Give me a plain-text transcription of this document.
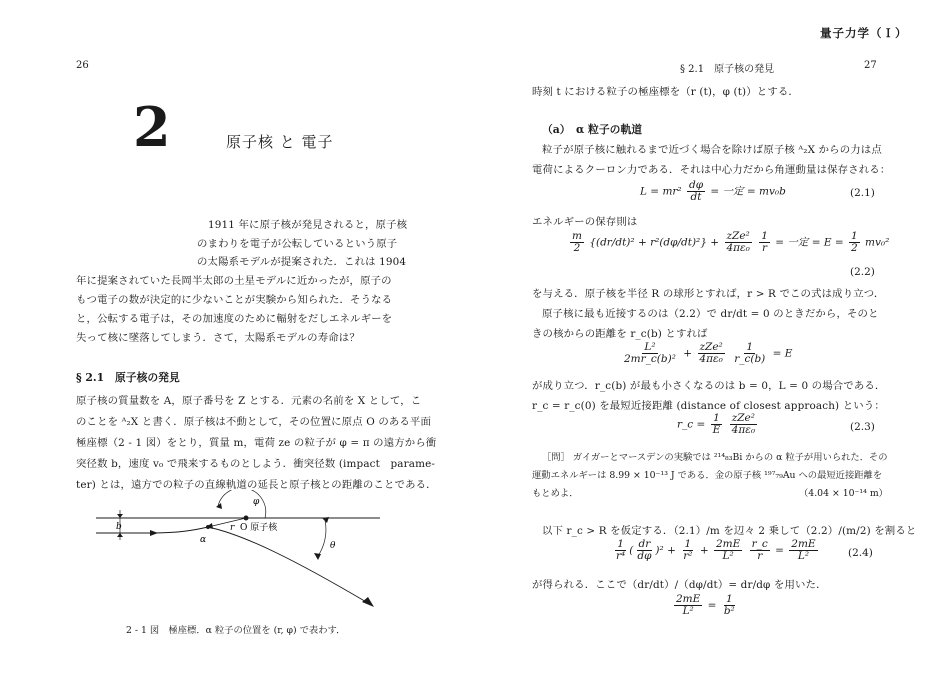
26
2	原子核 と 電子
1911 年に原子核が発見されると，原子核
のまわりを電子が公転しているという原子
の太陽系モデルが提案された．これは 1904
年に提案されていた長岡半太郎の土星モデルに近かったが，原子の
もつ電子の数が決定的に少ないことが実験から知られた．そうなる
と，公転する電子は，その加速度のために輻射をだしエネルギーを
失って核に墜落してしまう．さて，太陽系モデルの寿命は？
§ 2.1　原子核の発見
原子核の質量数を A，原子番号を Z とする．元素の名前を X として，こ
のことを ᴬ₂X と書く．原子核は不動として，その位置に原点 O のある平面
極座標（2 - 1 図）をとり，質量 m，電荷 ze の粒子が φ = π の遠方から衝
突径数 b，速度 v₀ で飛来するものとしよう．衝突径数 (impact　parame-
ter) とは，遠方での粒子の直線軌道の延長と原子核との距離のことである．
b	O 原子核
r
α
φ
θ
2 - 1 図　極座標．α 粒子の位置を (r, φ) で表わす．
量子力学（Ｉ）
§ 2.1　原子核の発見	27
時刻 t における粒子の極座標を（r (t)，φ (t)）とする．
（a）　α 粒子の軌道
粒子が原子核に触れるまで近づく場合を除けば原子核 ᴬ₂X からの力は点
電荷によるクーロン力である．それは中心力だから角運動量は保存される：
$L = mr^2 \frac{d\varphi}{dt}$ = 一定 = mv₀b	(2.1)
エネルギーの保存則は
$\frac{m}{2} \{(dr/dt)^2 + r^2(d\varphi/dt)^2\} + \frac{\text{zZe²}}{\text{4πε₀}}$
$\frac{1}{r}$ = 一定 = $E = \frac{1}{2} mv_0^2$
(2.2)
を与える．原子核を半径 R の球形とすれば，r > R でこの式は成り立つ．
原子核に最も近接するのは（2.2）で dr/dt = 0 のときだから，そのと
きの核からの距離を r_c(b) とすれば
$\frac{\text{L²}}{\text{2mr\_c(b)²}} + \frac{\text{zZe²}}{\text{4πε₀}}$
$\frac{1}{r\_c(b)} = E$
が成り立つ．r_c(b) が最も小さくなるのは b = 0，L = 0 の場合である．
r_c = r_c(0) を最短近接距離 (distance of closest approach) という：
r_c = $\frac{1}{E}$
$\frac{\text{zZe²}}{\text{4πε₀}}$	(2.3)
［問］ ガイガーとマースデンの実験では ²¹⁴₈₃Bi からの α 粒子が用いられた．その
運動エネルギーは 8.99 × 10⁻¹³ J である．金の原子核 ¹⁹⁷₇₉Au への最短近接距離を
もとめよ．	（4.04 × 10⁻¹⁴ m）
以下 r_c > R を仮定する．（2.1）/m を辺々 2 乗して（2.2）/(m/2) を割ると
$\frac{1}{\text{r⁴}}$ ( $\frac{dr}{d\varphi} )^2 + \frac{1}{\text{r²}} + \frac{2mE}{\text{L²}}$
$\frac{r\_c}{r} = \frac{2mE}{\text{L²}}$	(2.4)
が得られる．ここで（dr/dt）/（dφ/dt）= dr/dφ を用いた．
$\frac{2mE}{\text{L²}} = \frac{1}{\text{b²}}$
